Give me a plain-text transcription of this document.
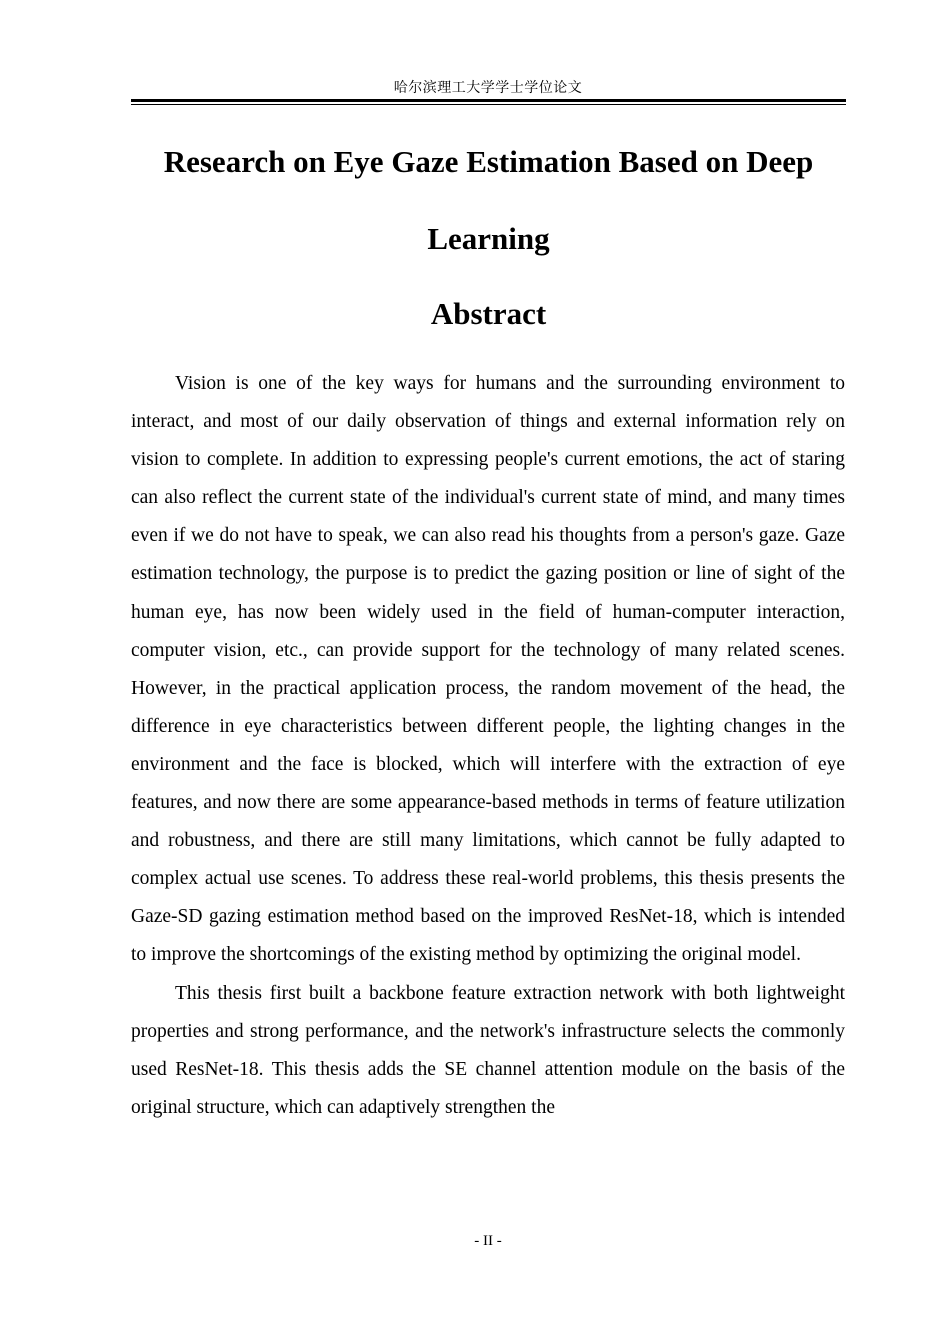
哈尔滨理工大学学士学位论文
Research on Eye Gaze Estimation Based on Deep Learning
Abstract

Vision is one of the key ways for humans and the surrounding environment to interact, and most of our daily observation of things and external information rely on vision to complete. In addition to expressing people's current emotions, the act of staring can also reflect the current state of the individual's current state of mind, and many times even if we do not have to speak, we can also read his thoughts from a person's gaze. Gaze estimation technology, the purpose is to predict the gazing position or line of sight of the human eye, has now been widely used in the field of human-computer interaction, computer vision, etc., can provide support for the technology of many related scenes. However, in the practical application process, the random movement of the head, the difference in eye characteristics between different people, the lighting changes in the environment and the face is blocked, which will interfere with the extraction of eye features, and now there are some appearance-based methods in terms of feature utilization and robustness, and there are still many limitations, which cannot be fully adapted to complex actual use scenes. To address these real-world problems, this thesis presents the Gaze-SD gazing estimation method based on the improved ResNet-18, which is intended to improve the shortcomings of the existing method by optimizing the original model.

This thesis first built a backbone feature extraction network with both lightweight properties and strong performance, and the network's infrastructure selects the commonly used ResNet-18. This thesis adds the SE channel attention module on the basis of the original structure, which can adaptively strengthen the

- II -
